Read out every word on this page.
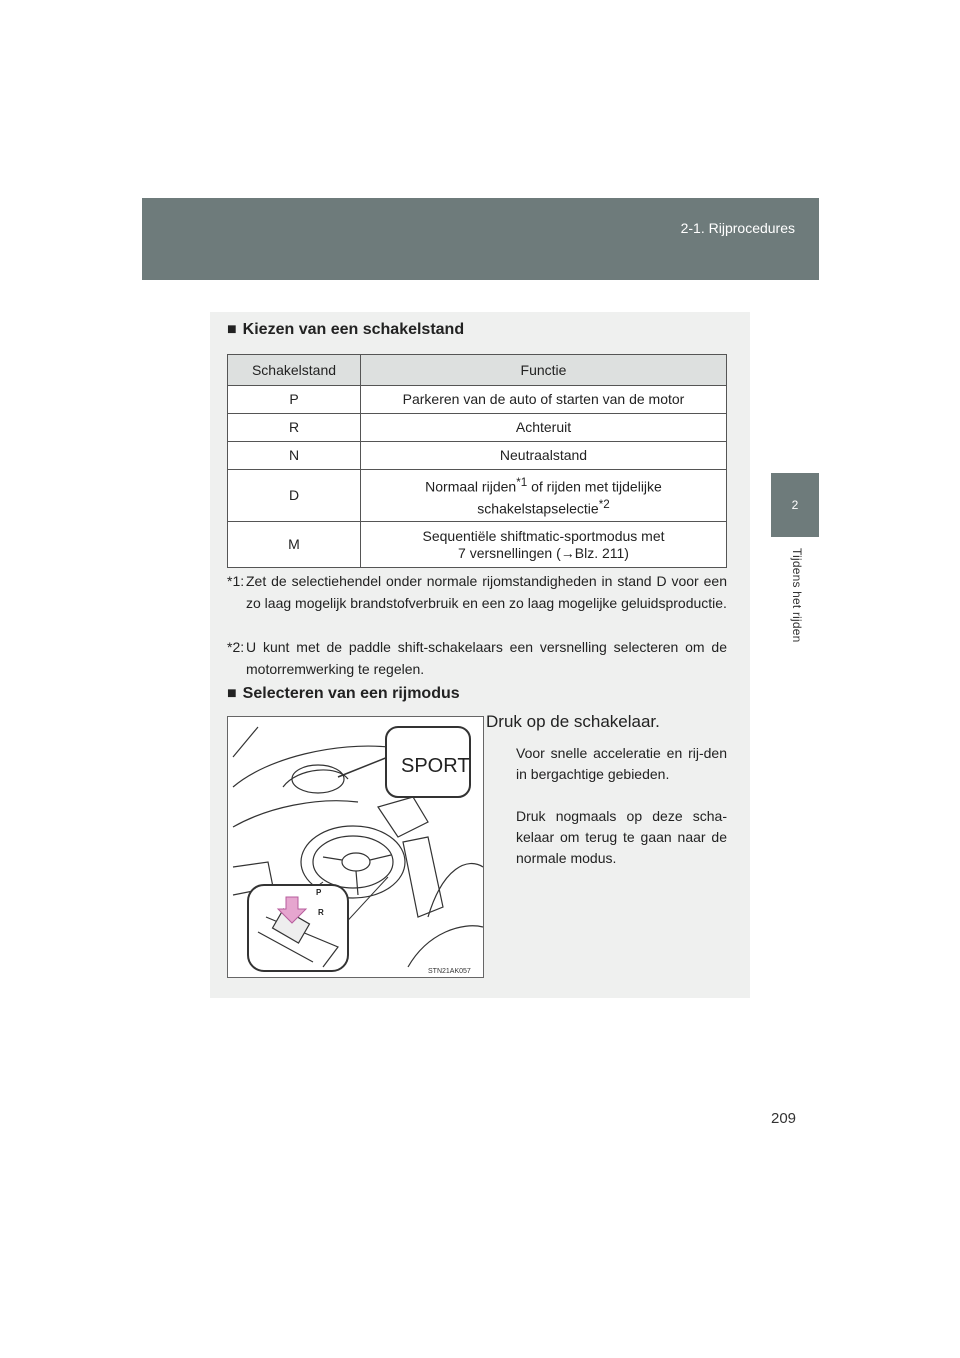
2-1. Rijprocedures
2
Tijdens het rijden
■ Kiezen van een schakelstand
Schakelstand	Functie
P	Parkeren van de auto of starten van de motor
R	Achteruit
N	Neutraalstand
D	Normaal rijden$^{*1}$ of rijden met tijdelijke
schakelstapselectie$^{*2}$
M	Sequentiële shiftmatic-sportmodus met
7 versnellingen (→Blz. 211)
*1: Zet de selectiehendel onder normale rijomstandigheden in stand D voor een zo laag mogelijk brandstofverbruik en een zo laag mogelijke geluidsproductie.
*2: U kunt met de paddle shift-schakelaars een versnelling selecteren om de motorremwerking te regelen.
■ Selecteren van een rijmodus
SPORT
P
R
STN21AK057
Druk op de schakelaar.
Voor snelle acceleratie en rij-den in bergachtige gebieden.
Druk nogmaals op deze scha-kelaar om terug te gaan naar de normale modus.
209
